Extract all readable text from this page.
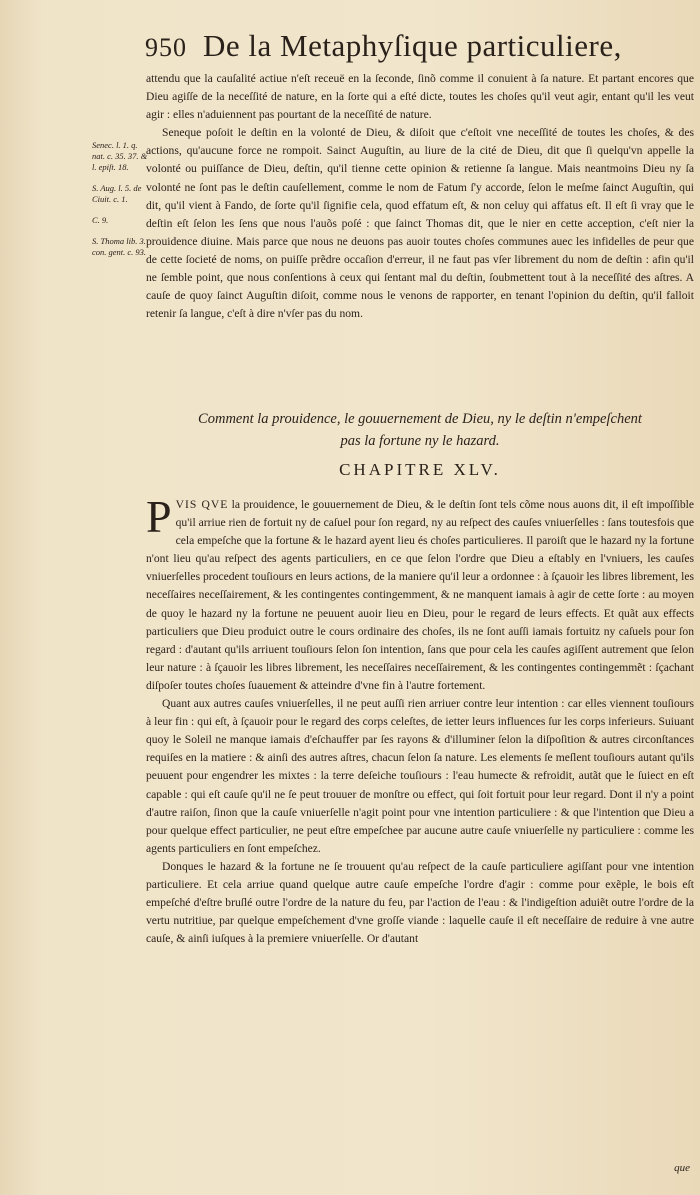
950 De la Metaphyſique particuliere,
Senec. l. 1. q. nat. c. 35. 37. & l. epiſt. 18.
S. Aug. l. 5. de Ciuit. c. 1.
C. 9.
S. Thoma lib. 3. con. gent. c. 93.

attendu que la cauſalité actiue n'eſt receuë en la ſeconde, ſinõ comme il conuient à ſa nature. Et partant encores que Dieu agiſſe de la neceſſité de nature, en la ſorte qui a eſté dicte, toutes les choſes qu'il veut agir, entant qu'il les veut agir : elles n'aduiennent pas pourtant de la neceſſité de nature.

Seneque poſoit le deſtin en la volonté de Dieu, & diſoit que c'eſtoit vne neceſſité de toutes les choſes, & des actions, qu'aucune force ne rompoit. Sainct Auguſtin, au liure de la cité de Dieu, dit que ſi quelqu'vn appelle la volonté ou puiſſance de Dieu, deſtin, qu'il tienne cette opinion & retienne ſa langue. Mais neantmoins Dieu ny ſa volonté ne ſont pas le deſtin cauſellement, comme le nom de Fatum ſ'y accorde, ſelon le meſme ſainct Auguſtin, qui dit, qu'il vient à Fando, de ſorte qu'il ſignifie cela, quod effatum eſt, & non celuy qui affatus eſt. Il eſt ſi vray que le deſtin eſt ſelon les ſens que nous l'auõs poſé : que ſainct Thomas dit, que le nier en cette acception, c'eſt nier la prouidence diuine. Mais parce que nous ne deuons pas auoir toutes choſes communes auec les infidelles de peur que de cette ſocieté de noms, on puiſſe prẽdre occaſion d'erreur, il ne faut pas vſer librement du nom de deſtin : afin qu'il ne ſemble point, que nous conſentions à ceux qui ſentant mal du deſtin, ſoubmettent tout à la neceſſité des aſtres. A cauſe de quoy ſainct Auguſtin diſoit, comme nous le venons de rapporter, en tenant l'opinion du deſtin, qu'il falloit retenir ſa langue, c'eſt à dire n'vſer pas du nom.

Comment la prouidence, le gouuernement de Dieu, ny le deſtin n'empeſchent
pas la fortune ny le hazard.
CHAPITRE XLV.

P VIS QVE la prouidence, le gouuernement de Dieu, & le deſtin ſont tels cõme nous auons dit, il eſt impoſſible qu'il arriue rien de fortuit ny de caſuel pour ſon regard, ny au reſpect des cauſes vniuerſelles : ſans toutesfois que cela empeſche que la fortune & le hazard ayent lieu és choſes particulieres. Il paroiſt que le hazard ny la fortune n'ont lieu qu'au reſpect des agents particuliers, en ce que ſelon l'ordre que Dieu a eſtably en l'vniuers, les cauſes vniuerſelles procedent touſiours en leurs actions, de la maniere qu'il leur a ordonnee : à ſçauoir les libres librement, les neceſſaires neceſſairement, & les contingentes contingemment, & ne manquent iamais à agir de cette ſorte : au moyen de quoy le hazard ny la fortune ne peuuent auoir lieu en Dieu, pour le regard de leurs effects. Et quãt aux effects particuliers que Dieu produict outre le cours ordinaire des choſes, ils ne ſont auſſi iamais fortuitz ny caſuels pour ſon regard : d'autant qu'ils arriuent touſiours ſelon ſon intention, ſans que pour cela les cauſes agiſſent autrement que ſelon leur nature : à ſçauoir les libres librement, les neceſſaires neceſſairement, & les contingentes contingemmẽt : ſçachant diſpoſer toutes choſes ſuauement & atteindre d'vne fin à l'autre fortement.

Quant aux autres cauſes vniuerſelles, il ne peut auſſi rien arriuer contre leur intention : car elles viennent touſiours à leur fin : qui eſt, à ſçauoir pour le regard des corps celeſtes, de ietter leurs influences ſur les corps inferieurs. Suiuant quoy le Soleil ne manque iamais d'eſchauffer par ſes rayons & d'illuminer ſelon la diſpoſition & autres circonſtances requiſes en la matiere : & ainſi des autres aſtres, chacun ſelon ſa nature. Les elements ſe meſlent touſiours autant qu'ils peuuent pour engendrer les mixtes : la terre deſeiche touſiours : l'eau humecte & refroidit, autãt que le ſuiect en eſt capable : qui eſt cauſe qu'il ne ſe peut trouuer de monſtre ou effect, qui ſoit fortuit pour leur regard. Dont il n'y a point d'autre raiſon, ſinon que la cauſe vniuerſelle n'agit point pour vne intention particuliere : & que l'intention que Dieu a pour quelque effect particulier, ne peut eſtre empeſchee par aucune autre cauſe vniuerſelle ny particuliere : comme les agents particuliers en ſont empeſchez.

Donques le hazard & la fortune ne ſe trouuent qu'au reſpect de la cauſe particuliere agiſſant pour vne intention particuliere. Et cela arriue quand quelque autre cauſe empeſche l'ordre d'agir : comme pour exẽple, le bois eſt empeſché d'eſtre bruſlé outre l'ordre de la nature du feu, par l'action de l'eau : & l'indigeſtion aduiẽt outre l'ordre de la vertu nutritiue, par quelque empeſchement d'vne groſſe viande : laquelle cauſe il eſt neceſſaire de reduire à vne autre cauſe, & ainſi iuſques à la premiere vniuerſelle. Or d'autant

que
